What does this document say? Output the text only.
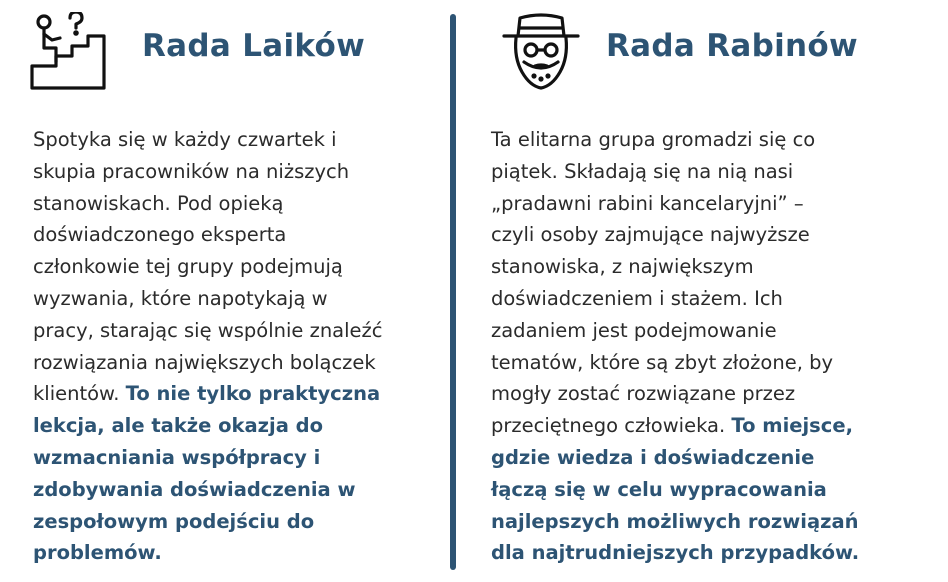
Rada Laików

Spotyka się w każdy czwartek i
skupia pracowników na niższych
stanowiskach. Pod opieką
doświadczonego eksperta
członkowie tej grupy podejmują
wyzwania, które napotykają w
pracy, starając się wspólnie znaleźć
rozwiązania największych bolączek
klientów. To nie tylko praktyczna
lekcja, ale także okazja do
wzmacniania współpracy i
zdobywania doświadczenia w
zespołowym podejściu do
problemów.

Rada Rabinów

Ta elitarna grupa gromadzi się co
piątek. Składają się na nią nasi
„pradawni rabini kancelaryjni” –
czyli osoby zajmujące najwyższe
stanowiska, z największym
doświadczeniem i stażem. Ich
zadaniem jest podejmowanie
tematów, które są zbyt złożone, by
mogły zostać rozwiązane przez
przeciętnego człowieka. To miejsce,
gdzie wiedza i doświadczenie
łączą się w celu wypracowania
najlepszych możliwych rozwiązań
dla najtrudniejszych przypadków.
